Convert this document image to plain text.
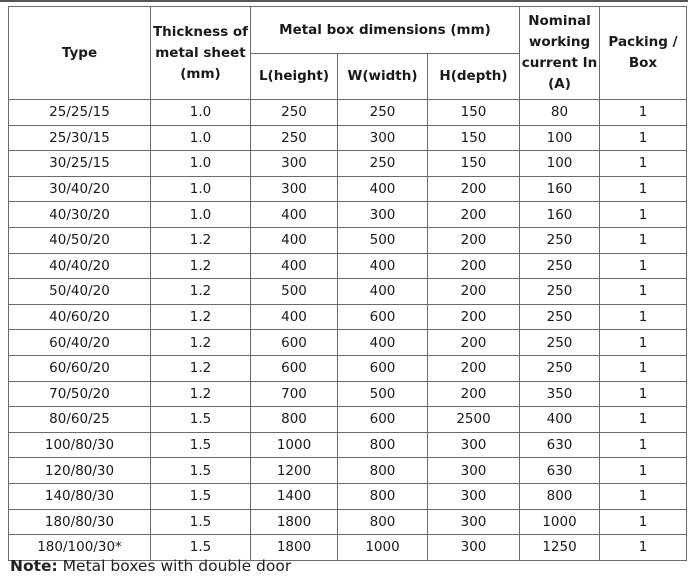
Type	Thickness of metal sheet (mm)	Metal box dimensions (mm)			Nominal working current In (A)	Packing / Box
		L(height)	W(width)	H(depth)		
25/25/15	1.0	250	250	150	80	1
25/30/15	1.0	250	300	150	100	1
30/25/15	1.0	300	250	150	100	1
30/40/20	1.0	300	400	200	160	1
40/30/20	1.0	400	300	200	160	1
40/50/20	1.2	400	500	200	250	1
40/40/20	1.2	400	400	200	250	1
50/40/20	1.2	500	400	200	250	1
40/60/20	1.2	400	600	200	250	1
60/40/20	1.2	600	400	200	250	1
60/60/20	1.2	600	600	200	250	1
70/50/20	1.2	700	500	200	350	1
80/60/25	1.5	800	600	2500	400	1
100/80/30	1.5	1000	800	300	630	1
120/80/30	1.5	1200	800	300	630	1
140/80/30	1.5	1400	800	300	800	1
180/80/30	1.5	1800	800	300	1000	1
180/100/30*	1.5	1800	1000	300	1250	1
Note: Metal boxes with double door
